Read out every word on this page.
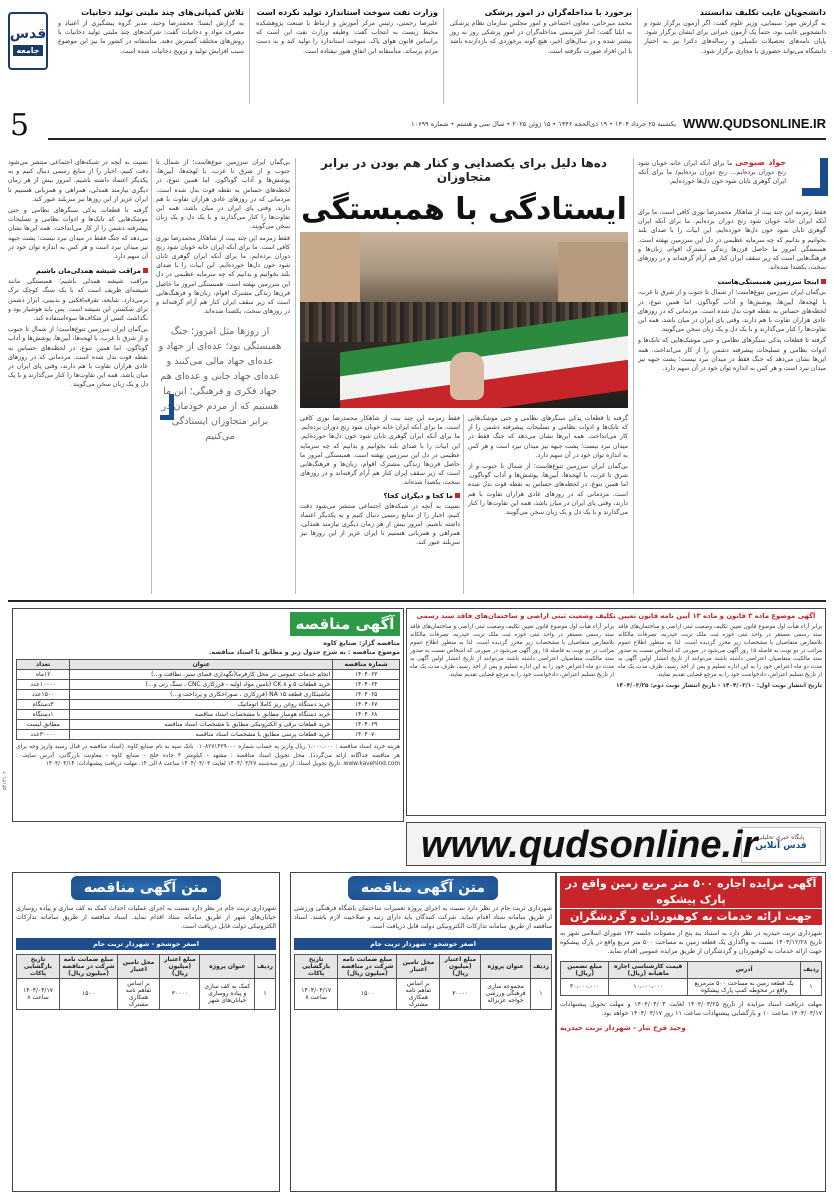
قدس
جامعه
دانشجویان غایب تکلیف ندانستند
به گزارش مهر؛ سیمایی، وزیر علوم گفت: اگر آزمون برگزار شود و دانشجویی غایب بود، حتماً یک آزمون جبرانی برای ایشان برگزار شود. پایان نامه‌های تحصیلات تکمیلی و رساله‌های دکترا نیز به اختیار دانشگاه می‌تواند حضوری یا مجازی برگزار شود.
برخورد با مداخله‌گران در امور پزشکی
محمد میرخانی، معاون اجتماعی و امور مجلس سازمان نظام پزشکی به ایلنا گفت: آمار غیرسمی مداخله‌گران در امور پزشکی روز به روز بیشتر شده و در سال‌های اخیر، هیچ گونه برخوردی که بازدارنده باشد با این افراد صورت نگرفته است.
وزارت نفت سوخت استاندارد تولید نکرده است
علیرضا رحمتی، رئیس مرکز آموزش و ارتباط با صنعت پژوهشکده محیط زیست به انتخاب گفت: وظیفه وزارت نفت این است که براساس قانون هوای پاک، سوخت استاندارد را تولید کند و به دست مردم برساند. متأسفانه این اتفاق هنوز نیفتاده است.
تلاش کمپانی‌های چند ملیتی تولید دخانیات
به گزارش ایسنا؛ محمدرضا وحید، مدیر گروه پیشگیری از اعتیاد و مصرف مواد و دخانیات گفت: شرکت‌های چند ملیتی تولید دخانیات با روش‌های مختلف گسترش دهند. متأسفانه در کشور ما نیز این موضوع سبب افزایش تولید و ترویج دخانیات شده است.
5	WWW.QUDSONLINE.IR
یکشنبه ۲۵ خرداد ۱۴۰۴ • ۱۹ ذی‌الحجه ۱۴۴۶ • ۱۵ ژوئن ۲۰۲۵ • سال سی و هشتم • شماره ۱۰۶۹۹
جواد صبوحی ما برای آنکه ایران خانه خوبان شود رنج دوران برده‌ایم... رنج دوران برده‌ایم/ ما برای آنکه ایران گوهری تابان شود خون دل‌ها خورده‌ایم.
فقط زمزمه این چند بیت از شاهکار محمدرضا نوری کافی است. ما برای آنکه ایران خانه خوبان شود رنج دوران برده‌ایم. ما برای آنکه ایران گوهری تابان شود خون دل‌ها خورده‌ایم. این ابیات را با صدای بلند بخوانیم و بدانیم که چه سرمایه عظیمی در دل این سرزمین نهفته است. همبستگی امروز ما حاصل قرن‌ها زندگی مشترک اقوام، زبان‌ها و فرهنگ‌هایی است که زیر سقف ایران کنار هم آرام گرفته‌اند و در روزهای سخت، یکصدا شده‌اند.
اینجا سرزمین همبستگی‌هاست
بی‌گمان ایران سرزمین تنوع‌هاست؛ از شمال تا جنوب و از شرق تا غرب، با لهجه‌ها، آیین‌ها، پوشش‌ها و آداب گوناگون. اما همین تنوع، در لحظه‌های حساس به نقطه قوت بدل شده است. مردمانی که در روزهای عادی هزاران تفاوت با هم دارند، وقتی پای ایران در میان باشد، همه این تفاوت‌ها را کنار می‌گذارند و با یک دل و یک زبان سخن می‌گویند.
گرفته تا قطعات پدکی سنگرهای نظامی و حتی موشک‌هایی که تانک‌ها و ادوات نظامی و تسلیحات پیشرفته دشمن را از کار می‌انداخت. همه این‌ها نشان می‌دهد که جنگ فقط در میدان نبرد نیست؛ پشت جبهه نیز میدان نبرد است و هر کس به اندازه توان خود در آن سهم دارد.
ده‌ها دلیل برای یکصدایی و کنار هم بودن در برابر متجاوزان
ایستادگی با همبستگی
گرفته تا قطعات پدکی سنگرهای نظامی و حتی موشک‌هایی که تانک‌ها و ادوات نظامی و تسلیحات پیشرفته دشمن را از کار می‌انداخت. همه این‌ها نشان می‌دهد که جنگ فقط در میدان نبرد نیست؛ پشت جبهه نیز میدان نبرد است و هر کس به اندازه توان خود در آن سهم دارد.
بی‌گمان ایران سرزمین تنوع‌هاست؛ از شمال تا جنوب و از شرق تا غرب، با لهجه‌ها، آیین‌ها، پوشش‌ها و آداب گوناگون. اما همین تنوع، در لحظه‌های حساس به نقطه قوت بدل شده است. مردمانی که در روزهای عادی هزاران تفاوت با هم دارند، وقتی پای ایران در میان باشد، همه این تفاوت‌ها را کنار می‌گذارند و با یک دل و یک زبان سخن می‌گویند.
فقط زمزمه این چند بیت از شاهکار محمدرضا نوری کافی است. ما برای آنکه ایران خانه خوبان شود رنج دوران برده‌ایم. ما برای آنکه ایران گوهری تابان شود خون دل‌ها خورده‌ایم. این ابیات را با صدای بلند بخوانیم و بدانیم که چه سرمایه عظیمی در دل این سرزمین نهفته است. همبستگی امروز ما حاصل قرن‌ها زندگی مشترک اقوام، زبان‌ها و فرهنگ‌هایی است که زیر سقف ایران کنار هم آرام گرفته‌اند و در روزهای سخت، یکصدا شده‌اند.
ما کجا و دیگران کجا؟
نسبت به آنچه در شبکه‌های اجتماعی منتشر می‌شود دقت کنیم، اخبار را از منابع رسمی دنبال کنیم و به یکدیگر اعتماد داشته باشیم. امروز بیش از هر زمان دیگری نیازمند همدلی، همراهی و همزبانی هستیم تا ایران عزیز از این روزها نیز سربلند عبور کند.
بی‌گمان ایران سرزمین تنوع‌هاست؛ از شمال تا جنوب و از شرق تا غرب، با لهجه‌ها، آیین‌ها، پوشش‌ها و آداب گوناگون. اما همین تنوع، در لحظه‌های حساس به نقطه قوت بدل شده است. مردمانی که در روزهای عادی هزاران تفاوت با هم دارند، وقتی پای ایران در میان باشد، همه این تفاوت‌ها را کنار می‌گذارند و با یک دل و یک زبان سخن می‌گویند.
فقط زمزمه این چند بیت از شاهکار محمدرضا نوری کافی است. ما برای آنکه ایران خانه خوبان شود رنج دوران برده‌ایم. ما برای آنکه ایران گوهری تابان شود خون دل‌ها خورده‌ایم. این ابیات را با صدای بلند بخوانیم و بدانیم که چه سرمایه عظیمی در دل این سرزمین نهفته است. همبستگی امروز ما حاصل قرن‌ها زندگی مشترک اقوام، زبان‌ها و فرهنگ‌هایی است که زیر سقف ایران کنار هم آرام گرفته‌اند و در روزهای سخت، یکصدا شده‌اند.
از روزها مثل امروز؛ جنگ همبستگی بود؛ عده‌ای از جهاد و عده‌ای جهاد مالی می‌کنند و عده‌ای جهاد جانی و عده‌ای هم جهاد فکری و فرهنگی؛ این ما هستیم که از مردم خودمان در برابر متجاوزان ایستادگی می‌کنیم
نسبت به آنچه در شبکه‌های اجتماعی منتشر می‌شود دقت کنیم، اخبار را از منابع رسمی دنبال کنیم و به یکدیگر اعتماد داشته باشیم. امروز بیش از هر زمان دیگری نیازمند همدلی، همراهی و همزبانی هستیم تا ایران عزیز از این روزها نیز سربلند عبور کند.
گرفته تا قطعات پدکی سنگرهای نظامی و حتی موشک‌هایی که تانک‌ها و ادوات نظامی و تسلیحات پیشرفته دشمن را از کار می‌انداخت. همه این‌ها نشان می‌دهد که جنگ فقط در میدان نبرد نیست؛ پشت جبهه نیز میدان نبرد است و هر کس به اندازه توان خود در آن سهم دارد.
مراقب شیشه همدلی‌مان باشیم
مراقب شیشه همدلی باشیم؛ همبستگی مانند شیشه‌ای ظریف است که با یک سنگ کوچک ترک برمی‌دارد. شایعه، تفرقه‌افکنی و بدبینی، ابزار دشمن برای شکستن این شیشه است. پس باید هوشیار بود و نگذاشت کسی از شکاف‌ها سوءاستفاده کند.
بی‌گمان ایران سرزمین تنوع‌هاست؛ از شمال تا جنوب و از شرق تا غرب، با لهجه‌ها، آیین‌ها، پوشش‌ها و آداب گوناگون. اما همین تنوع، در لحظه‌های حساس به نقطه قوت بدل شده است. مردمانی که در روزهای عادی هزاران تفاوت با هم دارند، وقتی پای ایران در میان باشد، همه این تفاوت‌ها را کنار می‌گذارند و با یک دل و یک زبان سخن می‌گویند.
آگهی موضوع ماده ۳ قانون و ماده ۱۳ آیین نامه قانون تعیین تکلیف وضعیت ثبتی اراضی و ساختمان‌های فاقد سند رسمی
برابر آراء هیأت اول موضوع قانون تعیین تکلیف وضعیت ثبتی اراضی و ساختمان‌های فاقد سند رسمی مستقر در واحد ثبتی حوزه ثبت ملک تربت حیدریه، تصرفات مالکانه بلامعارض متقاضیان با مشخصات زیر محرز گردیده است. لذا به منظور اطلاع عموم مراتب در دو نوبت به فاصله ۱۵ روز آگهی می‌شود در صورتی که اشخاص نسبت به صدور سند مالکیت متقاضیان اعتراضی داشته باشند می‌توانند از تاریخ انتشار اولین آگهی به مدت دو ماه اعتراض خود را به این اداره تسلیم و پس از اخذ رسید، ظرف مدت یک ماه از تاریخ تسلیم اعتراض، دادخواست خود را به مرجع قضایی تقدیم نمایند.
برابر آراء هیأت اول موضوع قانون تعیین تکلیف وضعیت ثبتی اراضی و ساختمان‌های فاقد سند رسمی مستقر در واحد ثبتی حوزه ثبت ملک تربت حیدریه، تصرفات مالکانه بلامعارض متقاضیان با مشخصات زیر محرز گردیده است. لذا به منظور اطلاع عموم مراتب در دو نوبت به فاصله ۱۵ روز آگهی می‌شود در صورتی که اشخاص نسبت به صدور سند مالکیت متقاضیان اعتراضی داشته باشند می‌توانند از تاریخ انتشار اولین آگهی به مدت دو ماه اعتراض خود را به این اداره تسلیم و پس از اخذ رسید، ظرف مدت یک ماه از تاریخ تسلیم اعتراض، دادخواست خود را به مرجع قضایی تقدیم نمایند.
تاریخ انتشار نوبت اول: ۱۴۰۴/۰۳/۱۰ - تاریخ انتشار نوبت دوم: ۱۴۰۴/۰۳/۲۵
آگهی مناقصه
مناقصه گزار: صنایع کاوه
موضوع مناقصه : به شرح جدول زیر و مطابق با اسناد مناقصه.
شماره مناقصه	عنوان	تعداد
۱۴۰۴۰۶۳	انجام خدمات عمومی در محل کارفرما(نگهداری فضای سبز، نظافت و...)	۱۲ماه
۱۴۰۴۰۶۴	خرید قطعات ۵ و ۸ CK (تامین مواد اولیه - فرزکاری CNC ، سنگ زنی و...)	۱۰۰۰۰عدد
۱۴۰۴۰۶۵	ماشینکاری قطعه NA ۱۵ (فرزکاری ، سوراخکاری و پرداخت و...)	۱۵۰۰عدد
۱۴۰۴۰۶۷	خرید دستگاه روغن ریز کاملا اتوماتیک	۳دستگاه
۱۴۰۴۰۶۸	خرید دستگاه هوساز مطابق با مشخصات اسناد مناقصه	۱دستگاه
۱۴۰۴۰۶۹	خرید قطعات برقی و الکترونیکی مطابق با مشخصات اسناد مناقصه	مطابق لیست
۱۴۰۴۰۷۰	خرید قطعات پرسی مطابق با مشخصات اسناد مناقصه	۳۰۰۰۰عدد
هزینه خرید اسناد مناقصه : ۱،۰۰۰،۰۰۰ ریال واریز به حساب شماره ۰۱۰۸۲۷۱۴۳۹۰۰۰ بانک سپه به نام صنایع کاوه. (اسناد مناقصه در قبال رسید واریز وجه برای هر مناقصه جداگانه ارائه می‌گردد). محل تحویل اسناد مناقصه : مشهد - کیلومتر ۳ جاده خلج - صنایع کاوه - معاونت بازرگانی. آدرس سایت : www.kavehind.com. تاریخ تحویل اسناد: از روز سه‌شنبه ۱۴۰۴/۰۳/۲۷ لغایت ۱۴۰۴/۰۴/۰۳ ساعت ۸ الی ۱۴. مهلت دریافت پیشنهادات: ۱۴۰۴/۰۴/۱۴
۵۴۱۴۱۰۲
پایگاه خبری تحلیلی
قدس آنلاین
www.qudsonline.ir
آگهی مزایده اجاره ۵۰۰ متر مربع زمین واقع در پارک پیشکوه
جهت ارائه خدمات به کوهنوردان و گردشگران
شهرداری تربت حیدریه در نظر دارد به استناد بند پنج از مصوبات جلسه ۱۴۲ شورای اسلامی شهر به تاریخ ۱۴۰۳/۱۲/۲۸ نسبت به واگذاری یک قطعه زمین به مساحت ۵۰۰ متر مربع واقع در پارک پیشکوه جهت ارائه خدمات به کوهنوردان و گردشگران از طریق مزایده عمومی اقدام نماید.
ردیف	آدرس	قیمت کارشناسی اجاره ماهیانه (ریال)	مبلغ تضمین (ریال)
۱	یک قطعه زمین به مساحت ۵۰۰ مترمربع واقع در محوطه کمپ پارک پیشکوه	۱۰،۰۰۰،۰۰۰	۳۰،۰۰۰،۰۰۰
مهلت دریافت اسناد مزایده از تاریخ ۱۴۰۴/۰۳/۲۵ لغایت ۱۴۰۴/۰۴/۰۳ و مهلت تحویل پیشنهادات ۱۴۰۴/۰۴/۱۷ ساعت ۱۰ و بازگشایی پیشنهادات ساعت ۱۱ روز ۱۴۰۴/۰۴/۱۷ خواهد بود.
وحید فرخ تبار - شهردار تربت حیدریه
متن آگهی مناقصه
شهرداری تربت جام در نظر دارد نسبت به اجرای پروژه تعمیرات ساختمان باشگاه فرهنگی ورزشی از طریق سامانه ستاد اقدام نماید. شرکت کنندگان باید دارای رتبه و صلاحیت لازم باشند. اسناد مناقصه از طریق سامانه تدارکات الکترونیکی دولت قابل دریافت است.
اصغر خوشخو - شهردار تربت جام
ردیف	عنوان پروژه	مبلغ اعتبار (میلیون ریال)	محل تامین اعتبار	مبلغ ضمانت نامه شرکت در مناقصه (میلیون ریال)	تاریخ بازگشایی پاکات
۱	مجموعه سازی فرهنگی ورزشی خواجه عزیزاله	۳۰۰۰۰	بر اساس تفاهم نامه همکاری مشترک	۱۵۰۰	۱۴۰۴/۰۴/۱۷ ساعت ۸
متن آگهی مناقصه
شهرداری تربت جام در نظر دارد نسبت به اجرای عملیات احداث کمک به کف سازی و پیاده روسازی خیابان‌های شهر از طریق سامانه ستاد اقدام نماید. اسناد مناقصه از طریق سامانه تدارکات الکترونیکی دولت قابل دریافت است.
اصغر خوشخو - شهردار تربت جام
ردیف	عنوان پروژه	مبلغ اعتبار (میلیون ریال)	محل تامین اعتبار	مبلغ ضمانت نامه شرکت در مناقصه (میلیون ریال)	تاریخ بازگشایی پاکات
۱	کمک به کف سازی و پیاده روسازی خیابان‌های شهر	۳۰۰۰۰	بر اساس تفاهم نامه همکاری مشترک	۱۵۰۰	۱۴۰۴/۰۴/۱۷ ساعت ۸
